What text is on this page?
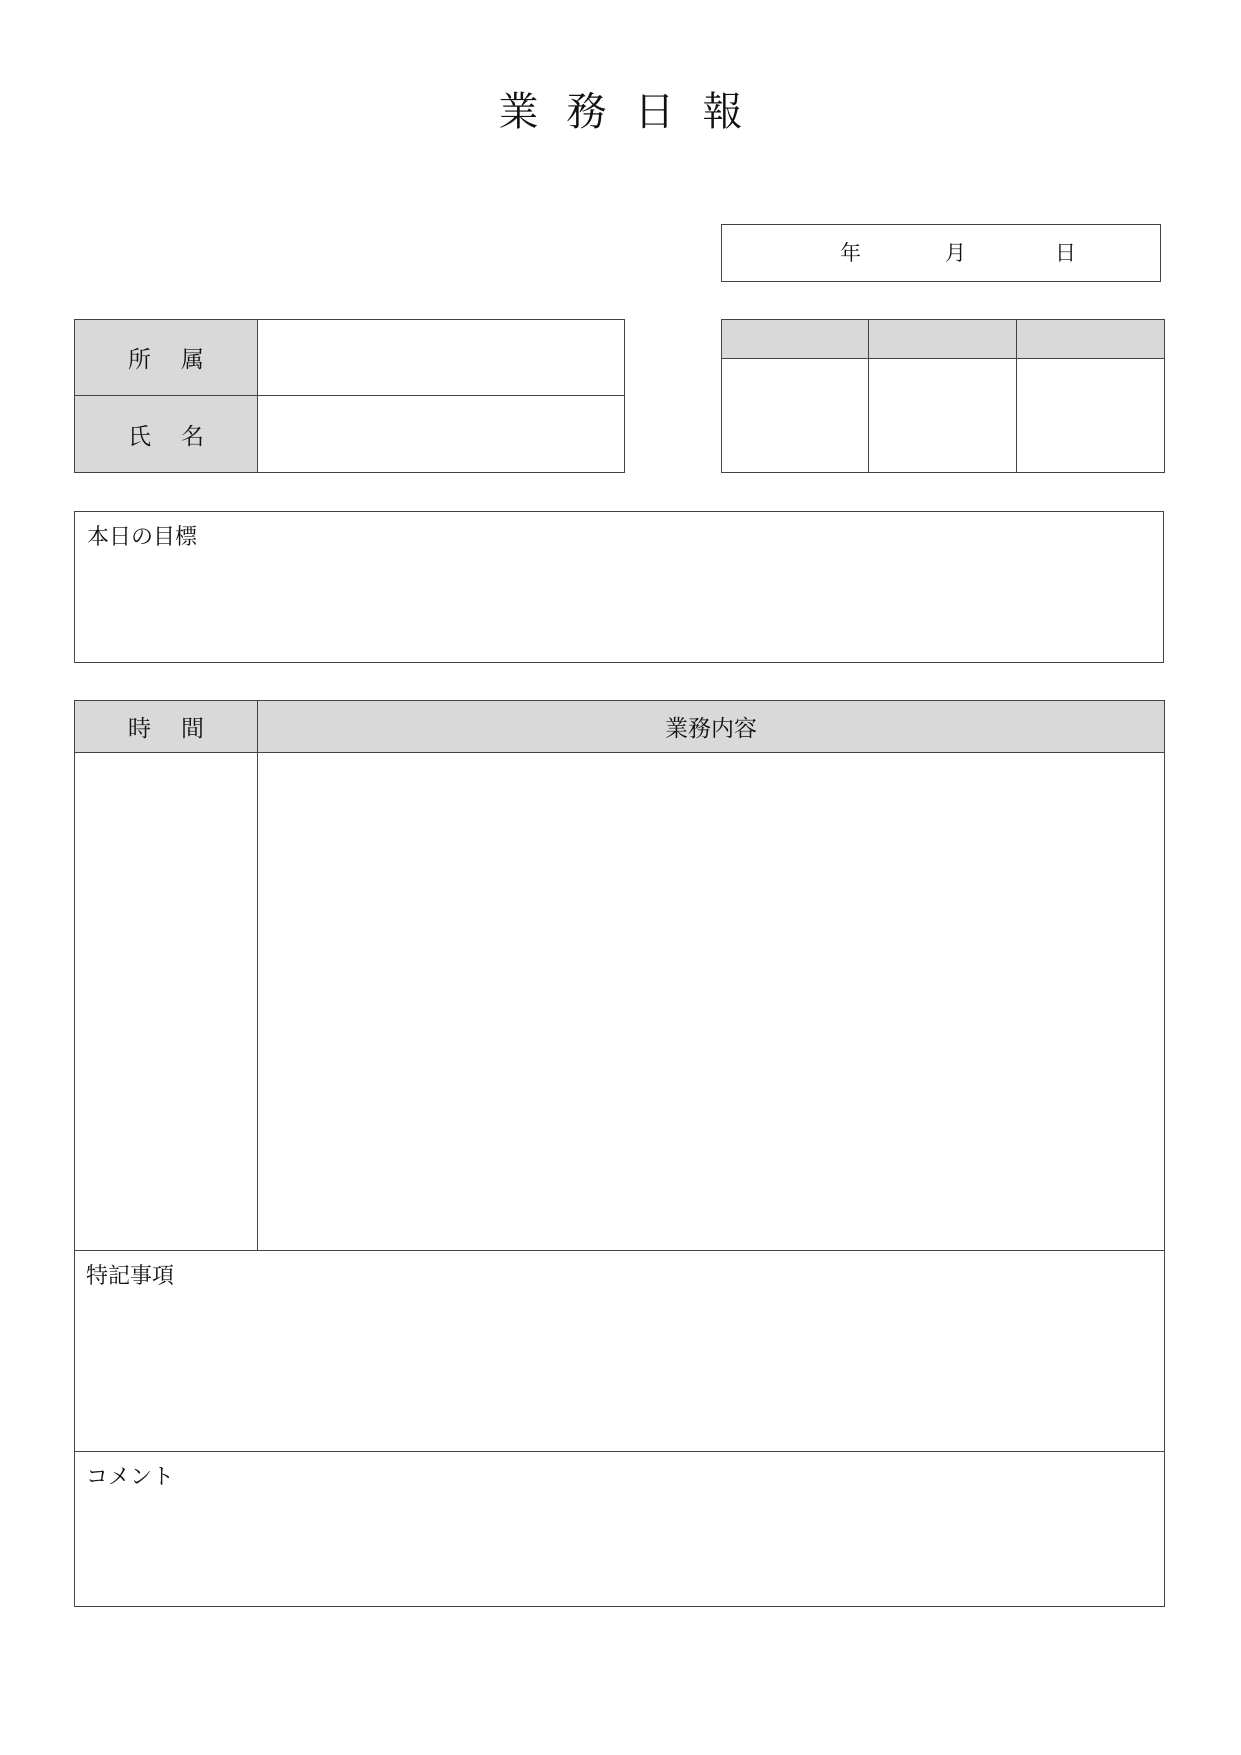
業務日報
年	月	日
所属	
氏名	

本日の目標
時間	業務内容

特記事項	

コメント	
